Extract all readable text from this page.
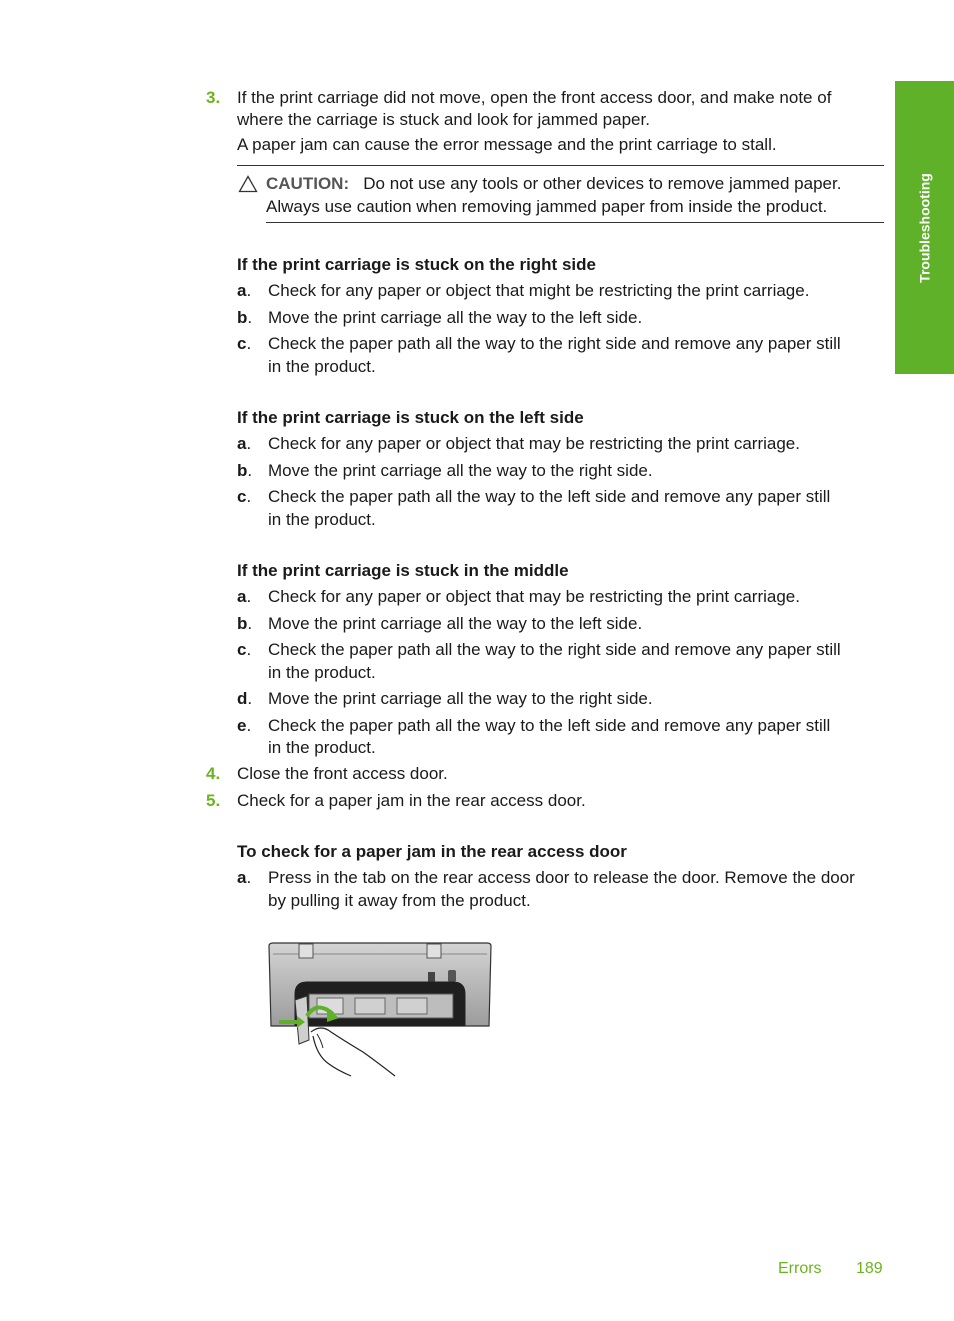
Troubleshooting
3. If the print carriage did not move, open the front access door, and make note of
where the carriage is stuck and look for jammed paper.
A paper jam can cause the error message and the print carriage to stall.
CAUTION: Do not use any tools or other devices to remove jammed paper.
Always use caution when removing jammed paper from inside the product.
If the print carriage is stuck on the right side
a. Check for any paper or object that might be restricting the print carriage.
b. Move the print carriage all the way to the left side.
c. Check the paper path all the way to the right side and remove any paper still
in the product.
If the print carriage is stuck on the left side
a. Check for any paper or object that may be restricting the print carriage.
b. Move the print carriage all the way to the right side.
c. Check the paper path all the way to the left side and remove any paper still
in the product.
If the print carriage is stuck in the middle
a. Check for any paper or object that may be restricting the print carriage.
b. Move the print carriage all the way to the left side.
c. Check the paper path all the way to the right side and remove any paper still
in the product.
d. Move the print carriage all the way to the right side.
e. Check the paper path all the way to the left side and remove any paper still
in the product.
4. Close the front access door.
5. Check for a paper jam in the rear access door.
To check for a paper jam in the rear access door
a. Press in the tab on the rear access door to release the door. Remove the door
by pulling it away from the product.
Errors 189
